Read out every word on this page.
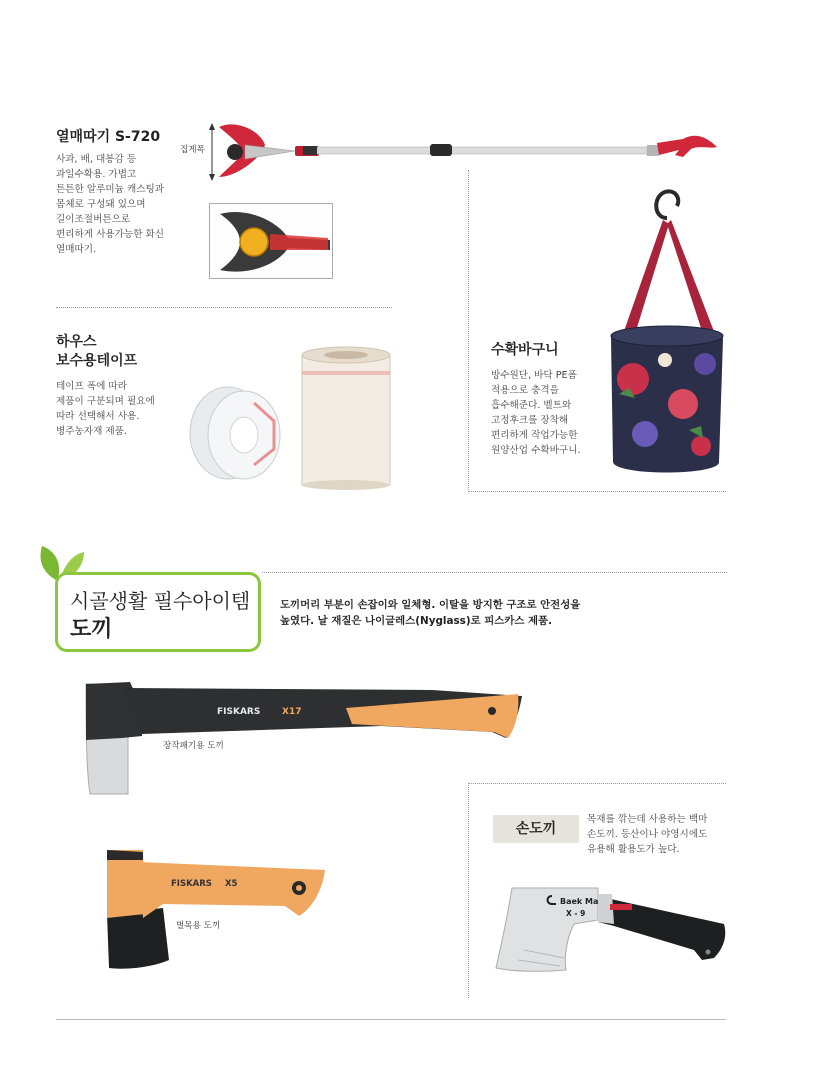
열매따기 S-720
사과, 배, 대봉감 등
과일수확용. 가볍고
튼튼한 알루미늄 캐스팅과
몸체로 구성돼 있으며
길이조절버튼으로
편리하게 사용가능한 화신
열매따기.
집게폭
하우스
보수용테이프
테이프 폭에 따라
제품이 구분되며 필요에
따라 선택해서 사용.
병주농자재 제품.
수확바구니
방수원단, 바닥 PE폼
적용으로 충격을
흡수해준다. 벨트와
고정후크를 장착해
편리하게 작업가능한
원양산업 수확바구니.
시골생활 필수아이템
도끼
도끼머리 부분이 손잡이와 일체형. 이탈을 방지한 구조로 안전성을
높였다. 날 재질은 나이글레스(Nyglass)로 피스카스 제품.
FISKARS X17
장작패기용 도끼
FISKARS X5
벌목용 도끼
손도끼
목재를 깎는데 사용하는 백마
손도끼. 등산이나 야영시에도
유용해 활용도가 높다.
Baek Ma
X - 9
